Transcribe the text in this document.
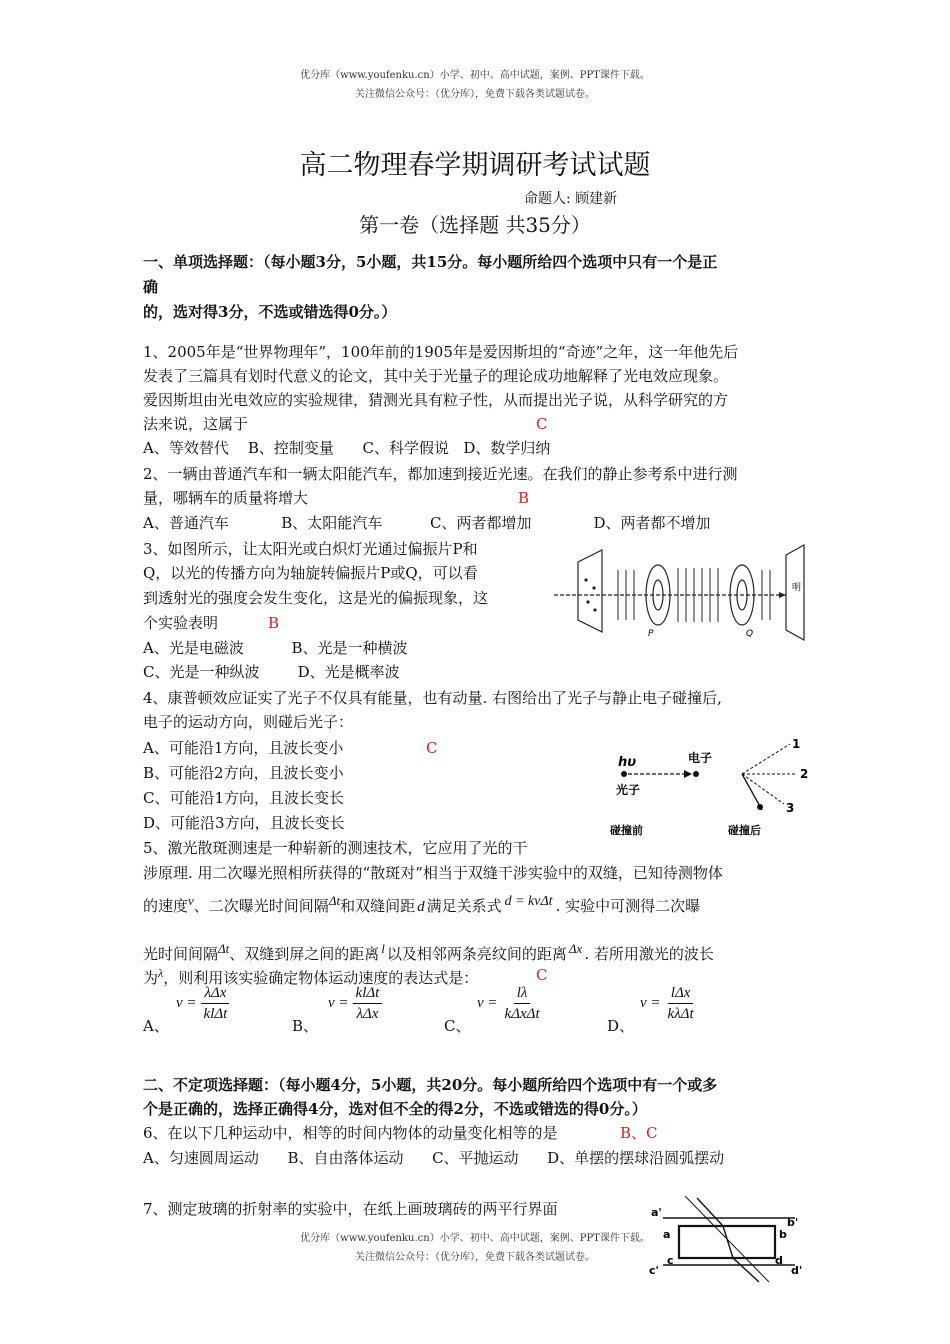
优分库（www.youfenku.cn）小学、初中、高中试题，案例、PPT课件下载。
关注微信公众号：（优分库），免费下载各类试题试卷。
高二物理春学期调研考试试题
命题人: 顾建新
第一卷（选择题 共35分）
一、单项选择题：（每小题3分，5小题，共15分。每小题所给四个选项中只有一个是正
确
的，选对得3分，不选或错选得0分。）
1、2005年是“世界物理年”，100年前的1905年是爱因斯坦的“奇迹”之年，这一年他先后
发表了三篇具有划时代意义的论文，其中关于光量子的理论成功地解释了光电效应现象。
爱因斯坦由光电效应的实验规律，猜测光具有粒子性，从而提出光子说，从科学研究的方
法来说，这属于	C
A、等效替代    B、控制变量      C、科学假说   D、数学归纳
2、一辆由普通汽车和一辆太阳能汽车，都加速到接近光速。在我们的静止参考系中进行测
量，哪辆车的质量将增大	B
A、普通汽车           B、太阳能汽车          C、两者都增加             D、两者都不增加
3、如图所示，让太阳光或白炽灯光通过偏振片P和
Q，以光的传播方向为轴旋转偏振片P或Q，可以看
到透射光的强度会发生变化，这是光的偏振现象，这
个实验表明	B
A、光是电磁波          B、光是一种横波
C、光是一种纵波        D、光是概率波
P	Q
明
4、康普顿效应证实了光子不仅具有能量，也有动量. 右图给出了光子与静止电子碰撞后,
电子的运动方向，则碰后光子：
A、可能沿1方向，且波长变小	C
B、可能沿2方向，且波长变小
C、可能沿1方向，且波长变长
D、可能沿3方向，且波长变长
hυ	电子
光子
碰撞前
1
2
3
碰撞后
5、激光散斑测速是一种崭新的测速技术，它应用了光的干
涉原理. 用二次曝光照相所获得的“散斑对”相当于双缝干涉实验中的双缝，已知待测物体
的速度v、二次曝光时间间隔Δt和双缝间距 d 满足关系式 d = kvΔt . 实验中可测得二次曝
光时间间隔Δt、双缝到屏之间的距离 l 以及相邻两条亮纹间的距离 Δx . 若所用激光的波长
为$^\lambda$，则利用该实验确定物体运动速度的表达式是：	C
A、
$v = \frac{\text{λΔx}}{\text{klΔt}}$
B、
$v = \frac{\text{klΔt}}{\text{λΔx}}$
C、
$v = \frac{l\lambda}{\text{kΔxΔt}}$
D、
$v = \frac{\text{lΔx}}{\text{kλΔt}}$
二、不定项选择题：（每小题4分，5小题，共20分。每小题所给四个选项中有一个或多
个是正确的，选择正确得4分，选对但不全的得2分，不选或错选的得0分。）
6、在以下几种运动中，相等的时间内物体的动量变化相等的是	B、C
A、匀速圆周运动      B、自由落体运动      C、平抛运动      D、单摆的摆球沿圆弧摆动
7、测定玻璃的折射率的实验中，在纸上画玻璃砖的两平行界面	a'
b'
a	b
c	d
c'	d'
优分库（www.youfenku.cn）小学、初中、高中试题，案例、PPT课件下载。
关注微信公众号：（优分库），免费下载各类试题试卷。
